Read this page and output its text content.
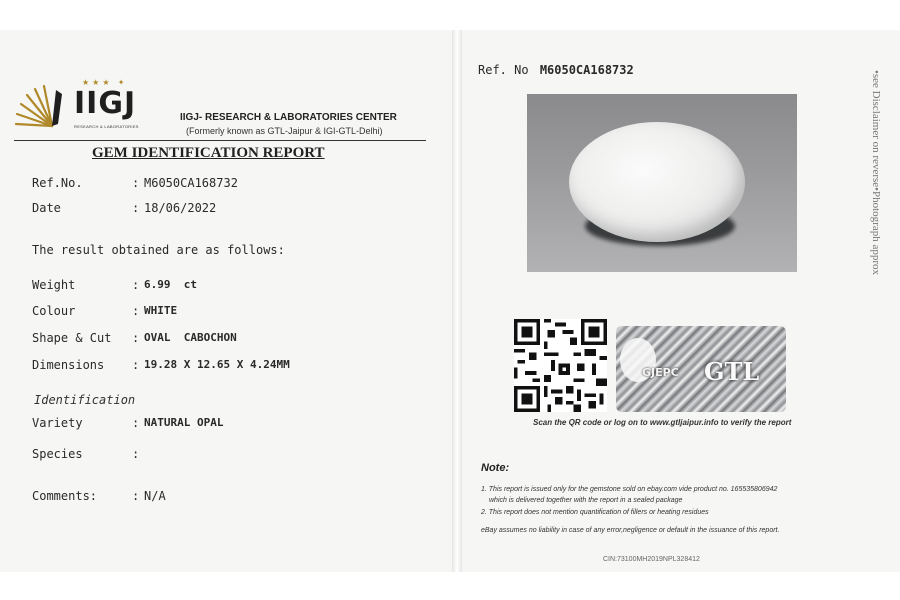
★★★ ✦
IIGJ
RESEARCH & LABORATORIES
IIGJ- RESEARCH & LABORATORIES CENTER
(Formerly known as GTL-Jaipur & IGI-GTL-Delhi)
GEM IDENTIFICATION REPORT
Ref.No.	: M6050CA168732
Date	: 18/06/2022
The result obtained are as follows:
Weight	: 6.99 ct
Colour	: WHITE
Shape & Cut : OVAL  CABOCHON
Dimensions : 19.28 X 12.65 X 4.24MM
Identification
Variety	: NATURAL OPAL
Species	:
Comments:	: N/A
Ref. No M6050CA168732	•see Disclaimer on reverse•Photograph approx
GJEPC GTL
Scan the QR code or log on to www.gtljaipur.info to verify the report
Note:
1. This report is issued only for the gemstone sold on ebay.com vide product no. 165535806942
which is delivered together with the report in a sealed package
2. This report does not mention quantification of fillers or heating residues
eBay assumes no liability in case of any error,negligence or default in the issuance of this report.
CIN:73100MH2019NPL328412
